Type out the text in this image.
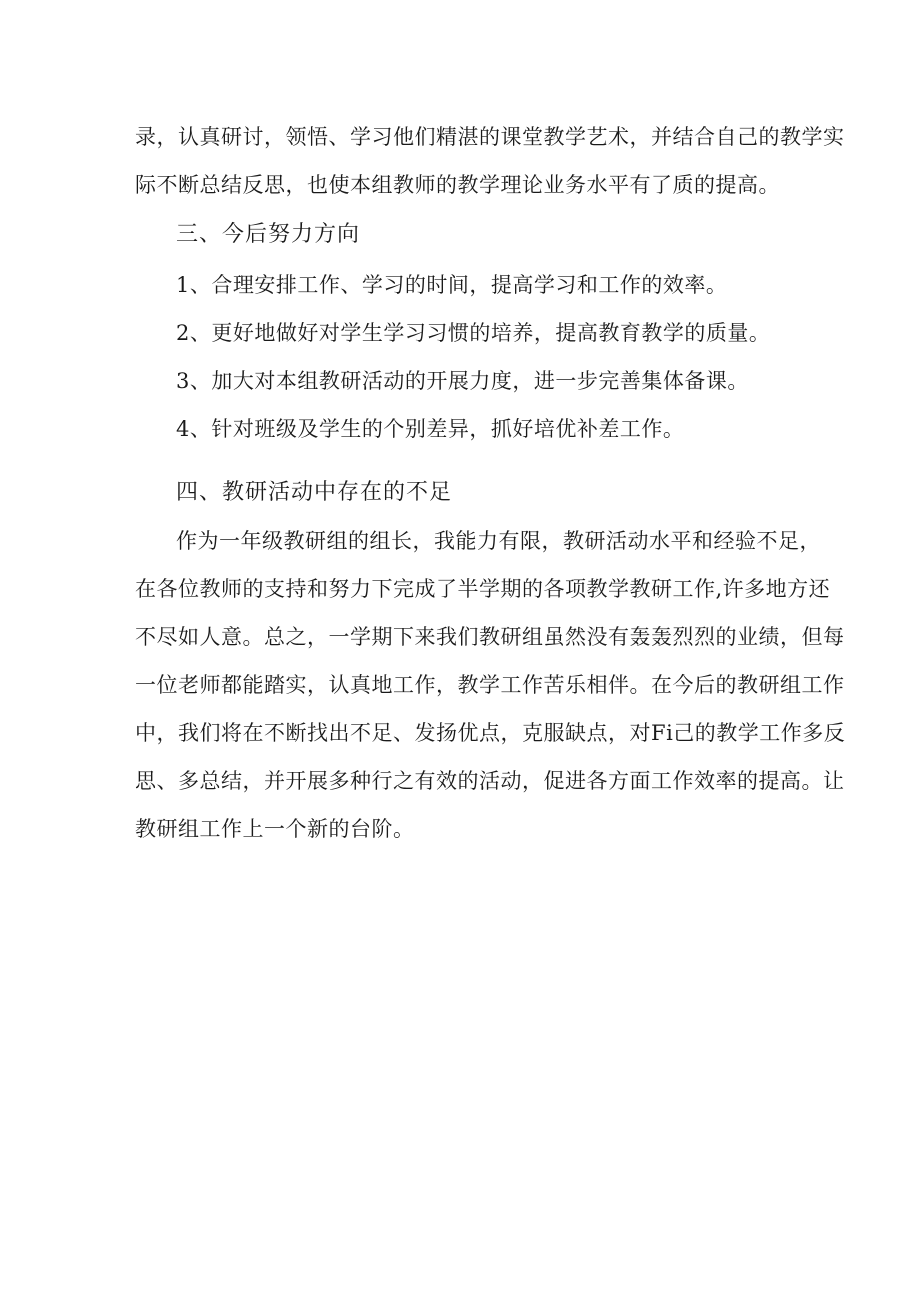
录，认真研讨，领悟、学习他们精湛的课堂教学艺术，并结合自己的教学实
际不断总结反思，也使本组教师的教学理论业务水平有了质的提高。
三、今后努力方向
1、合理安排工作、学习的时间，提高学习和工作的效率。
2、更好地做好对学生学习习惯的培养，提高教育教学的质量。
3、加大对本组教研活动的开展力度，进一步完善集体备课。
4、针对班级及学生的个别差异，抓好培优补差工作。
四、教研活动中存在的不足
作为一年级教研组的组长，我能力有限，教研活动水平和经验不足，
在各位教师的支持和努力下完成了半学期的各项教学教研工作,许多地方还
不尽如人意。总之，一学期下来我们教研组虽然没有轰轰烈烈的业绩，但每
一位老师都能踏实，认真地工作，教学工作苦乐相伴。在今后的教研组工作
中，我们将在不断找出不足、发扬优点，克服缺点，对Fi己的教学工作多反
思、多总结，并开展多种行之有效的活动，促进各方面工作效率的提高。让
教研组工作上一个新的台阶。
